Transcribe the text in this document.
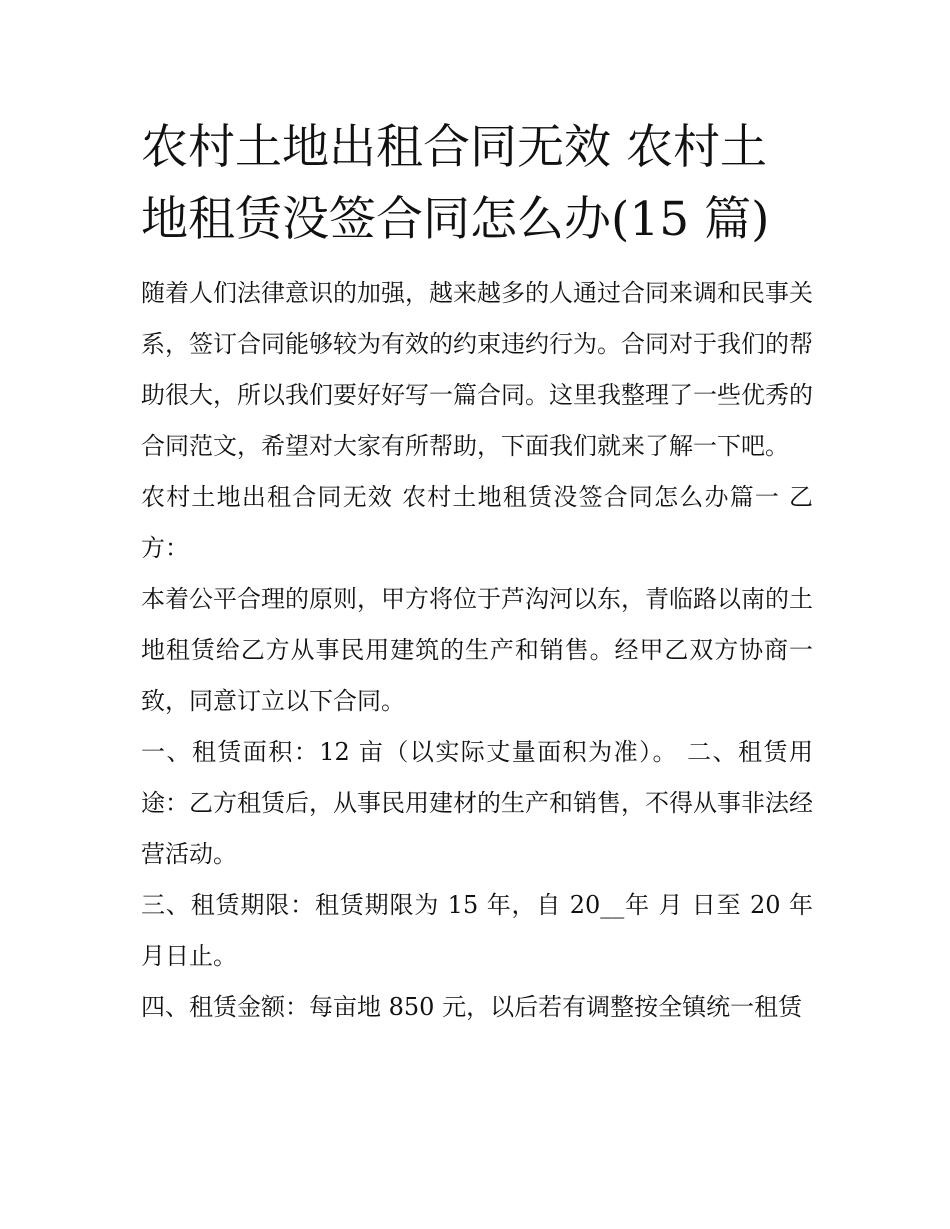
农村土地出租合同无效 农村土地租赁没签合同怎么办(15 篇)

随着人们法律意识的加强，越来越多的人通过合同来调和民事关系，签订合同能够较为有效的约束违约行为。合同对于我们的帮助很大，所以我们要好好写一篇合同。这里我整理了一些优秀的合同范文，希望对大家有所帮助，下面我们就来了解一下吧。

农村土地出租合同无效 农村土地租赁没签合同怎么办篇一 乙方：

本着公平合理的原则，甲方将位于芦沟河以东，青临路以南的土地租赁给乙方从事民用建筑的生产和销售。经甲乙双方协商一致，同意订立以下合同。

一、租赁面积：12 亩（以实际丈量面积为准）。 二、租赁用途：乙方租赁后，从事民用建材的生产和销售，不得从事非法经营活动。

三、租赁期限：租赁期限为 15 年，自 20__年 月 日至 20 年 月日止。

四、租赁金额：每亩地 850 元，以后若有调整按全镇统一租赁
